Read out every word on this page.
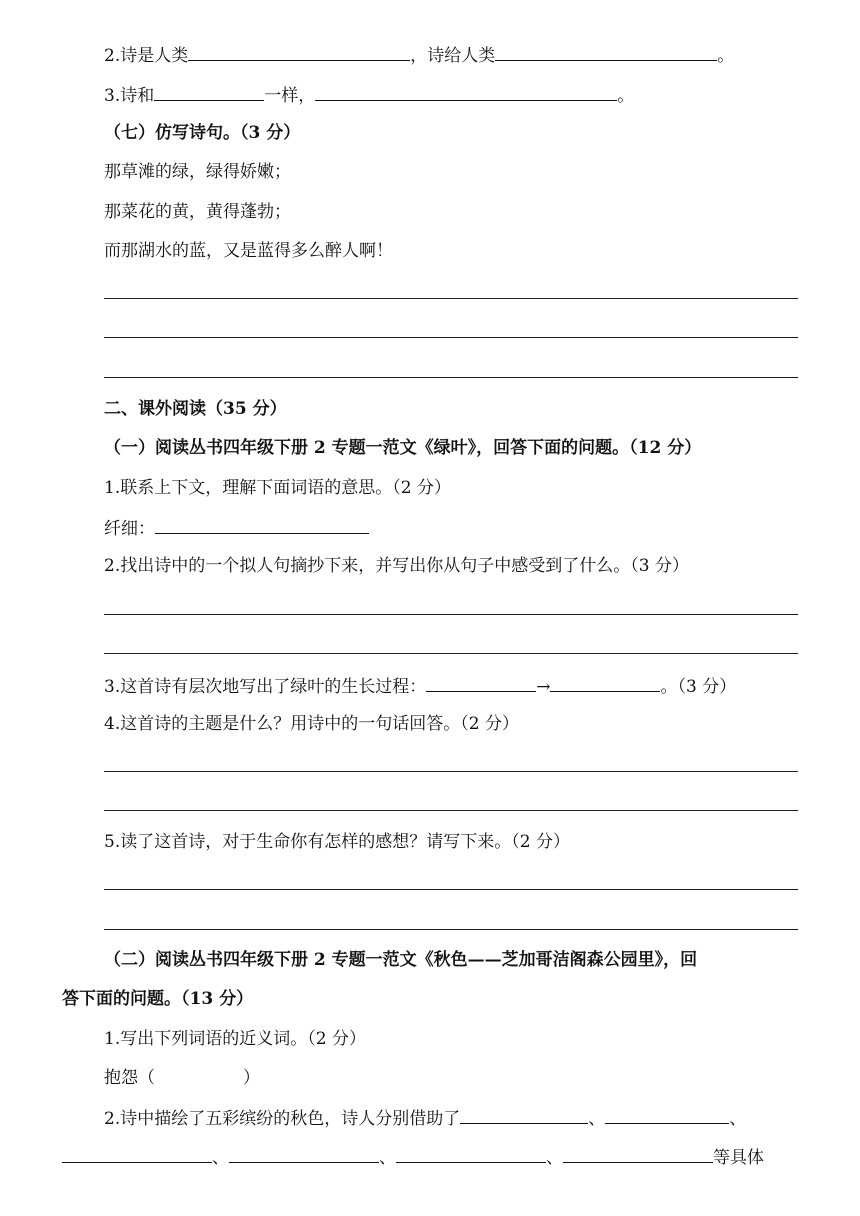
2.诗是人类	，诗给人类	。
3.诗和	一样，	。
（七）仿写诗句。（3 分）
那草滩的绿，绿得娇嫩；
那菜花的黄，黄得蓬勃；
而那湖水的蓝，又是蓝得多么醉人啊！
二、课外阅读（35 分）
（一）阅读丛书四年级下册 2 专题一范文《绿叶》，回答下面的问题。（12 分）
1.联系上下文，理解下面词语的意思。（2 分）
纤细：
2.找出诗中的一个拟人句摘抄下来，并写出你从句子中感受到了什么。（3 分）
3.这首诗有层次地写出了绿叶的生长过程：	→	。（3 分）
4.这首诗的主题是什么？用诗中的一句话回答。（2 分）
5.读了这首诗，对于生命你有怎样的感想？请写下来。（2 分）
（二）阅读丛书四年级下册 2 专题一范文《秋色——芝加哥洁阁森公园里》，回
答下面的问题。（13 分）
1.写出下列词语的近义词。（2 分）
抱怨（	）
2.诗中描绘了五彩缤纷的秋色，诗人分别借助了	、	、
、	、	、	等具体
